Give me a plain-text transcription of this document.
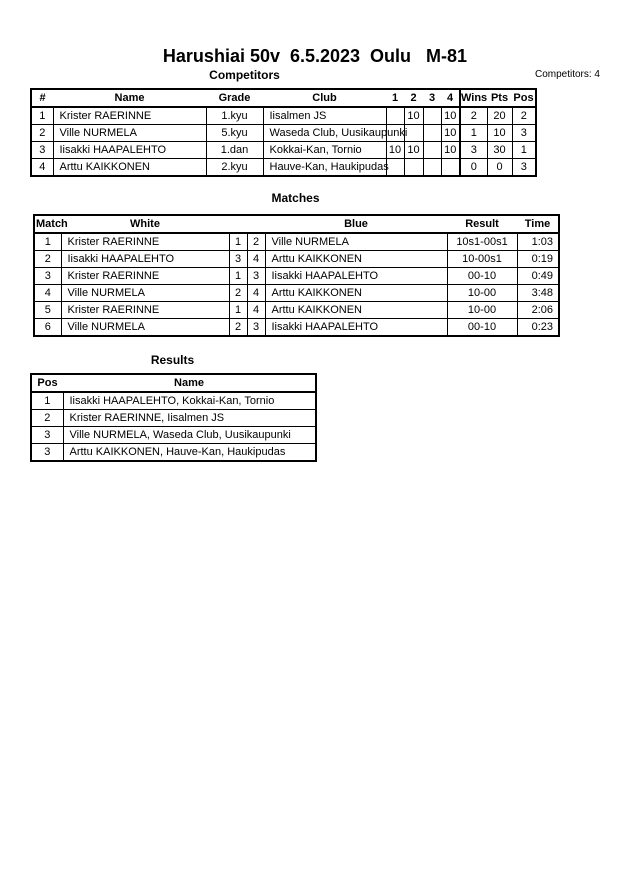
Harushiai 50v  6.5.2023  Oulu   M-81
Competitors	Competitors: 4
#	Name	Grade	Club	1	2	3	4	Wins	Pts	Pos
1	Krister RAERINNE	1.kyu	Iisalmen JS		10		10	2	20	2
2	Ville NURMELA	5.kyu	Waseda Club, Uusikaupunki				10	1	10	3
3	Iisakki HAAPALEHTO	1.dan	Kokkai-Kan, Tornio	10	10		10	3	30	1
4	Arttu KAIKKONEN	2.kyu	Hauve-Kan, Haukipudas					0	0	3
Matches
Match	White			Blue	Result	Time
1	Krister RAERINNE	1	2	Ville NURMELA	10s1-00s1	1:03
2	Iisakki HAAPALEHTO	3	4	Arttu KAIKKONEN	10-00s1	0:19
3	Krister RAERINNE	1	3	Iisakki HAAPALEHTO	00-10	0:49
4	Ville NURMELA	2	4	Arttu KAIKKONEN	10-00	3:48
5	Krister RAERINNE	1	4	Arttu KAIKKONEN	10-00	2:06
6	Ville NURMELA	2	3	Iisakki HAAPALEHTO	00-10	0:23
Results
Pos	Name
1	Iisakki HAAPALEHTO, Kokkai-Kan, Tornio
2	Krister RAERINNE, Iisalmen JS
3	Ville NURMELA, Waseda Club, Uusikaupunki
3	Arttu KAIKKONEN, Hauve-Kan, Haukipudas
